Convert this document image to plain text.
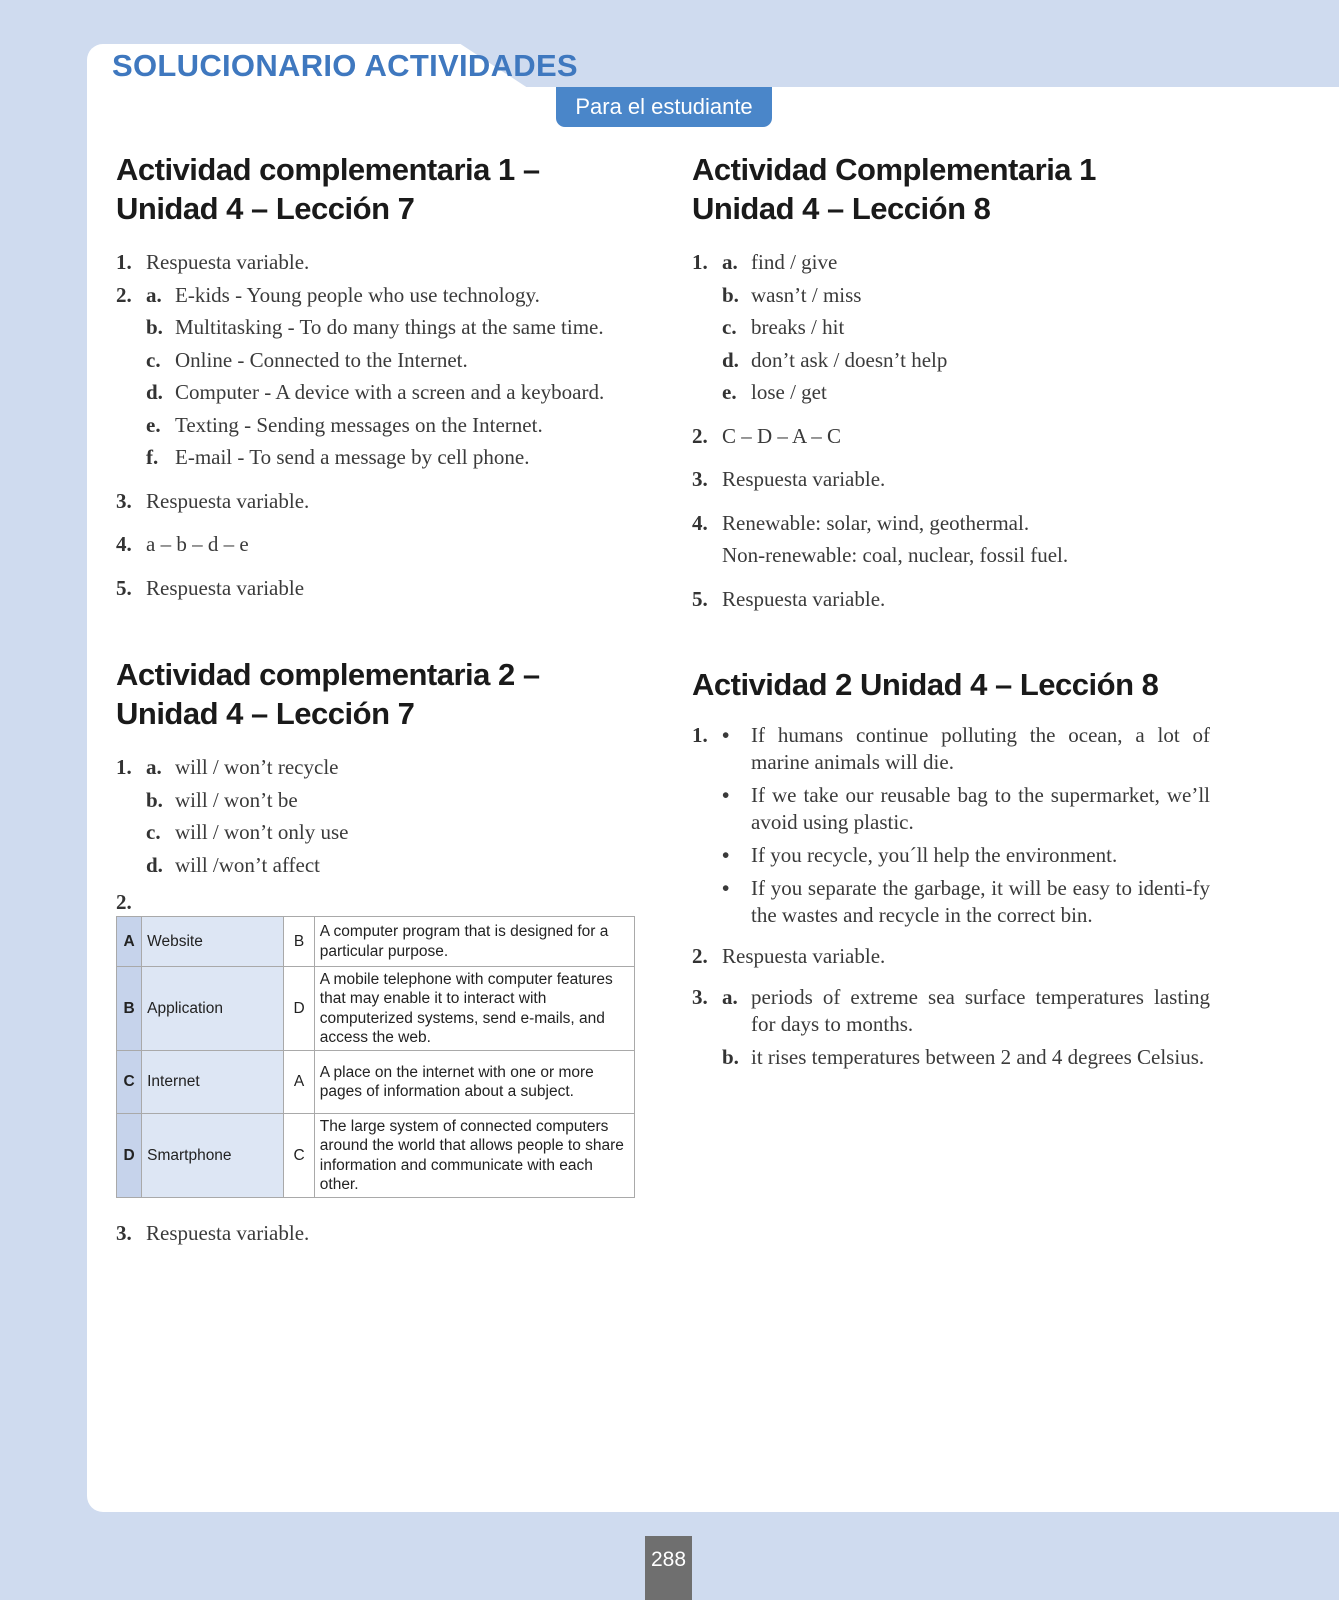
SOLUCIONARIO ACTIVIDADES
Para el estudiante
Actividad complementaria 1 –
Unidad 4 – Lección 7
1. Respuesta variable.
2. a. E-kids - Young people who use technology.
b. Multitasking - To do many things at the same time.
c. Online - Connected to the Internet.
d. Computer - A device with a screen and a keyboard.
e. Texting - Sending messages on the Internet.
f. E-mail - To send a message by cell phone.
3. Respuesta variable.
4. a – b – d – e
5. Respuesta variable
Actividad Complementaria 1
Unidad 4 – Lección 8
1. a. find / give
b. wasn’t / miss
c. breaks / hit
d. don’t ask / doesn’t help
e. lose / get
2. C – D – A – C
3. Respuesta variable.
4. Renewable: solar, wind, geothermal.
Non-renewable: coal, nuclear, fossil fuel.
5. Respuesta variable.
Actividad complementaria 2 –
Unidad 4 – Lección 7
1. a. will / won’t recycle
b. will / won’t be
c. will / won’t only use
d. will /won’t affect
2.
A	Website	B	A computer program that is designed for a particular purpose.
B	Application	D	A mobile telephone with computer features that may enable it to interact with computerized systems, send e-mails, and access the web.
C	Internet	A	A place on the internet with one or more pages of information about a subject.
D	Smartphone	C	The large system of connected computers around the world that allows people to share information and communicate with each other.
3. Respuesta variable.
Actividad 2 Unidad 4 – Lección 8
1. •	If humans continue polluting the ocean, a lot of marine animals will die.
•	If we take our reusable bag to the supermarket, we’ll avoid using plastic.
•	If you recycle, you´ll help the environment.
•	If you separate the garbage, it will be easy to identi-fy the wastes and recycle in the correct bin.
2. Respuesta variable.
3. a. periods of extreme sea surface temperatures lasting for days to months.
b. it rises temperatures between 2 and 4 degrees Celsius.
288
